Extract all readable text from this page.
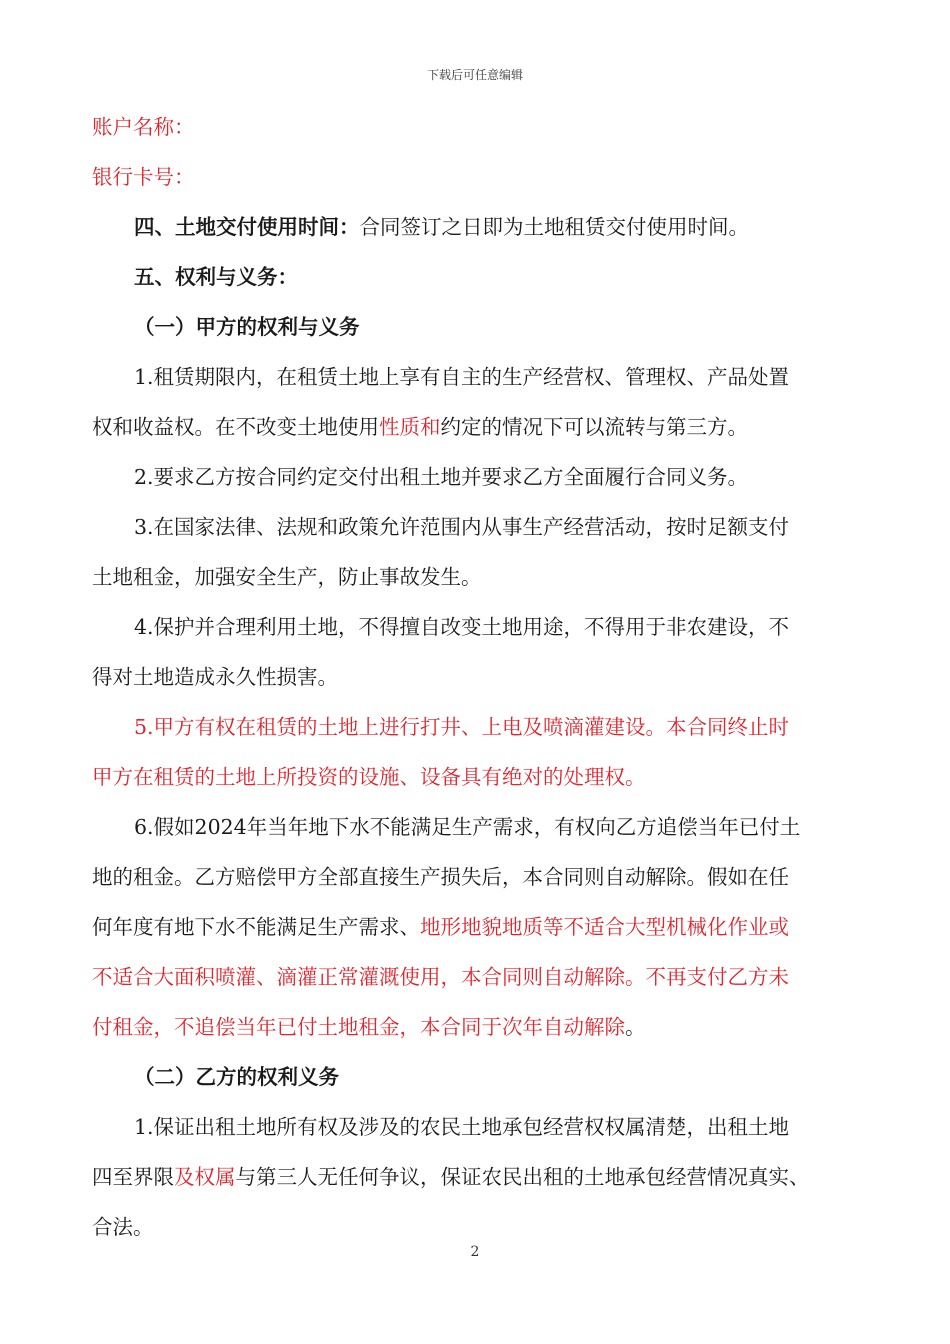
下载后可任意编辑

账户名称：

银行卡号：

四、土地交付使用时间：合同签订之日即为土地租赁交付使用时间。

五、权利与义务：

（一）甲方的权利与义务

1.租赁期限内，在租赁土地上享有自主的生产经营权、管理权、产品处置

权和收益权。在不改变土地使用性质和约定的情况下可以流转与第三方。

2.要求乙方按合同约定交付出租土地并要求乙方全面履行合同义务。

3.在国家法律、法规和政策允许范围内从事生产经营活动，按时足额支付

土地租金，加强安全生产，防止事故发生。

4.保护并合理利用土地，不得擅自改变土地用途，不得用于非农建设，不

得对土地造成永久性损害。

5.甲方有权在租赁的土地上进行打井、上电及喷滴灌建设。本合同终止时

甲方在租赁的土地上所投资的设施、设备具有绝对的处理权。

6.假如2024年当年地下水不能满足生产需求，有权向乙方追偿当年已付土

地的租金。乙方赔偿甲方全部直接生产损失后，本合同则自动解除。假如在任

何年度有地下水不能满足生产需求、地形地貌地质等不适合大型机械化作业或

不适合大面积喷灌、滴灌正常灌溉使用，本合同则自动解除。不再支付乙方未

付租金，不追偿当年已付土地租金，本合同于次年自动解除。

（二）乙方的权利义务

1.保证出租土地所有权及涉及的农民土地承包经营权权属清楚，出租土地

四至界限及权属与第三人无任何争议，保证农民出租的土地承包经营情况真实、

合法。

2
